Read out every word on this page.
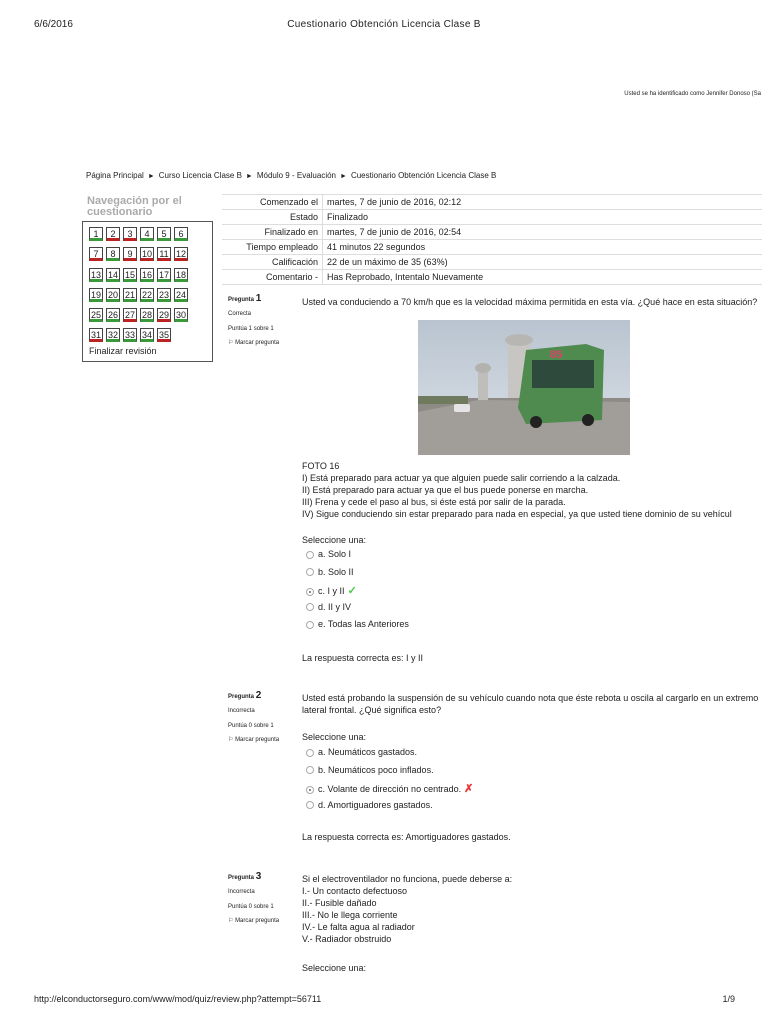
6/6/2016	Cuestionario Obtención Licencia Clase B
Usted se ha identificado como Jennifer Donoso (Sa
Página Principal ► Curso Licencia Clase B ► Módulo 9 - Evaluación ► Cuestionario Obtención Licencia Clase B
Navegación por el cuestionario
1	2	3	4	5	6
7	8	9	10 11 12
13 14 15 16 17 18
19 20 21 22 23 24
25 26 27 28 29 30
31 32 33 34 35
Finalizar revisión
Comenzado el	martes, 7 de junio de 2016, 02:12
Estado	Finalizado
Finalizado en	martes, 7 de junio de 2016, 02:54
Tiempo empleado	41 minutos 22 segundos
Calificación	22 de un máximo de 35 (63%)
Comentario -	Has Reprobado, Intentalo Nuevamente
Pregunta 1
Correcta
Puntúa 1 sobre 1
⚐ Marcar pregunta
Usted va conduciendo a 70 km/h que es la velocidad máxima permitida en esta vía. ¿Qué hace en esta situación?
85
FOTO 16
I) Está preparado para actuar ya que alguien puede salir corriendo a la calzada.
II) Está preparado para actuar ya que el bus puede ponerse en marcha.
III) Frena y cede el paso al bus, si éste está por salir de la parada.
IV) Sigue conduciendo sin estar preparado para nada en especial, ya que usted tiene dominio de su vehícul
Seleccione una:
a. Solo I
b. Solo II
c. I y II ✓
d. II y IV
e. Todas las Anteriores
La respuesta correcta es: I y II
Pregunta 2
Incorrecta
Puntúa 0 sobre 1
⚐ Marcar pregunta
Usted está probando la suspensión de su vehículo cuando nota que éste rebota u oscila al cargarlo en un extremo lateral frontal. ¿Qué significa esto?
Seleccione una:
a. Neumáticos gastados.
b. Neumáticos poco inflados.
c. Volante de dirección no centrado. ✗
d. Amortiguadores gastados.
La respuesta correcta es: Amortiguadores gastados.
Pregunta 3
Incorrecta
Puntúa 0 sobre 1
⚐ Marcar pregunta
Si el electroventilador no funciona, puede deberse a:
I.- Un contacto defectuoso
II.- Fusible dañado
III.- No le llega corriente
IV.- Le falta agua al radiador
V.- Radiador obstruido
Seleccione una:
http://elconductorseguro.com/www/mod/quiz/review.php?attempt=56711	1/9
